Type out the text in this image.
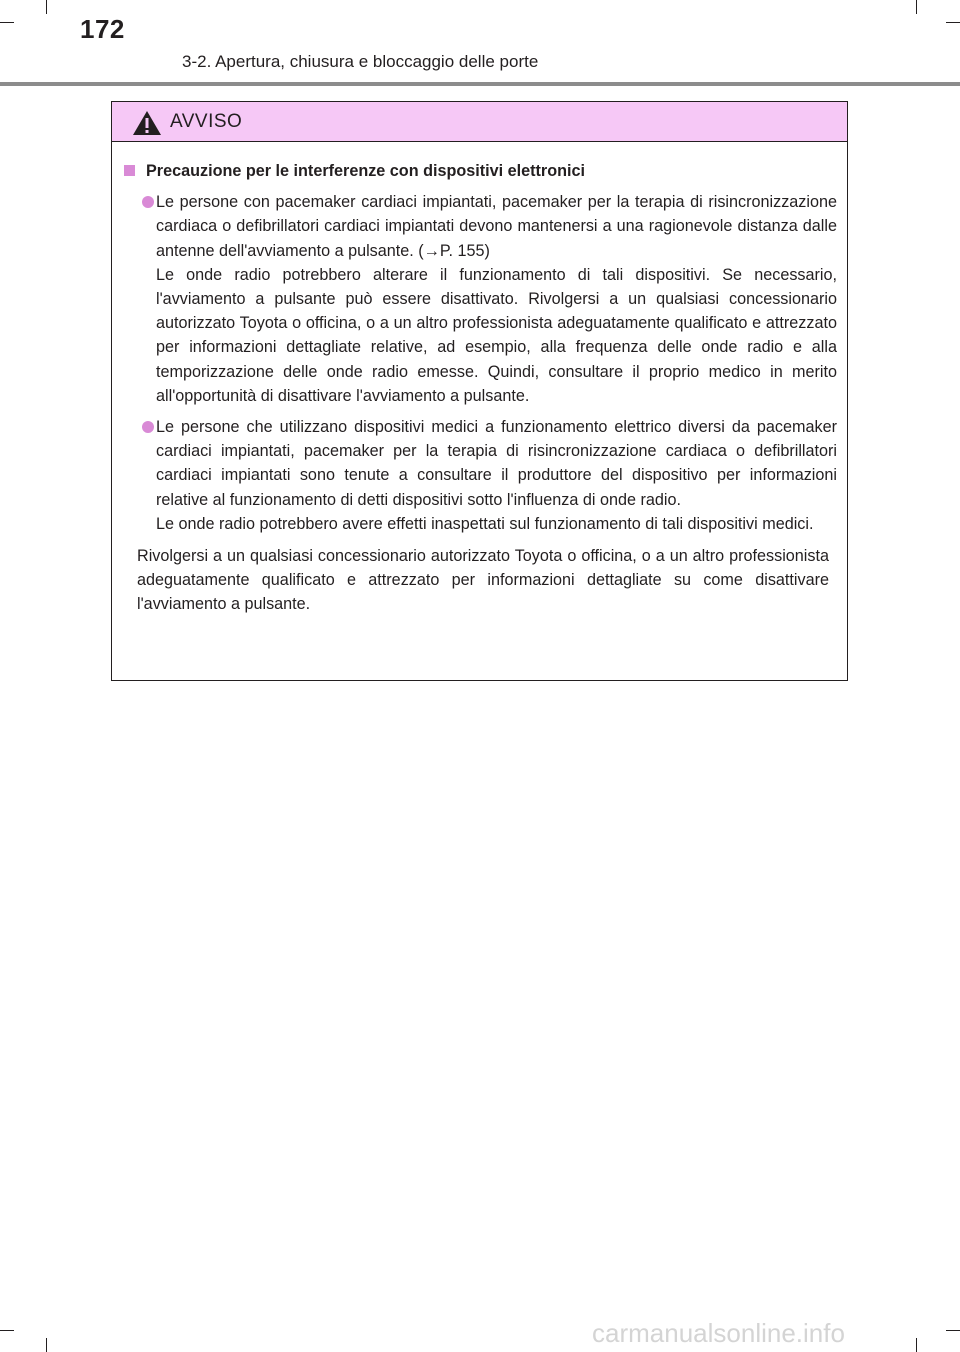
172
3-2. Apertura, chiusura e bloccaggio delle porte
AVVISO
Precauzione per le interferenze con dispositivi elettronici

Le persone con pacemaker cardiaci impiantati, pacemaker per la terapia di risincronizzazione cardiaca o defibrillatori cardiaci impiantati devono mantenersi a una ragionevole distanza dalle antenne dell'avviamento a pulsante. (→P. 155)

Le onde radio potrebbero alterare il funzionamento di tali dispositivi. Se necessario, l'avviamento a pulsante può essere disattivato. Rivolgersi a un qualsiasi concessionario autorizzato Toyota o officina, o a un altro professionista adeguatamente qualificato e attrezzato per informazioni dettagliate relative, ad esempio, alla frequenza delle onde radio e alla temporizzazione delle onde radio emesse. Quindi, consultare il proprio medico in merito all'opportunità di disattivare l'avviamento a pulsante.

Le persone che utilizzano dispositivi medici a funzionamento elettrico diversi da pacemaker cardiaci impiantati, pacemaker per la terapia di risincronizzazione cardiaca o defibrillatori cardiaci impiantati sono tenute a consultare il produttore del dispositivo per informazioni relative al funzionamento di detti dispositivi sotto l'influenza di onde radio.

Le onde radio potrebbero avere effetti inaspettati sul funzionamento di tali dispositivi medici.

Rivolgersi a un qualsiasi concessionario autorizzato Toyota o officina, o a un altro professionista adeguatamente qualificato e attrezzato per informazioni dettagliate su come disattivare l'avviamento a pulsante.
carmanualsonline.info
